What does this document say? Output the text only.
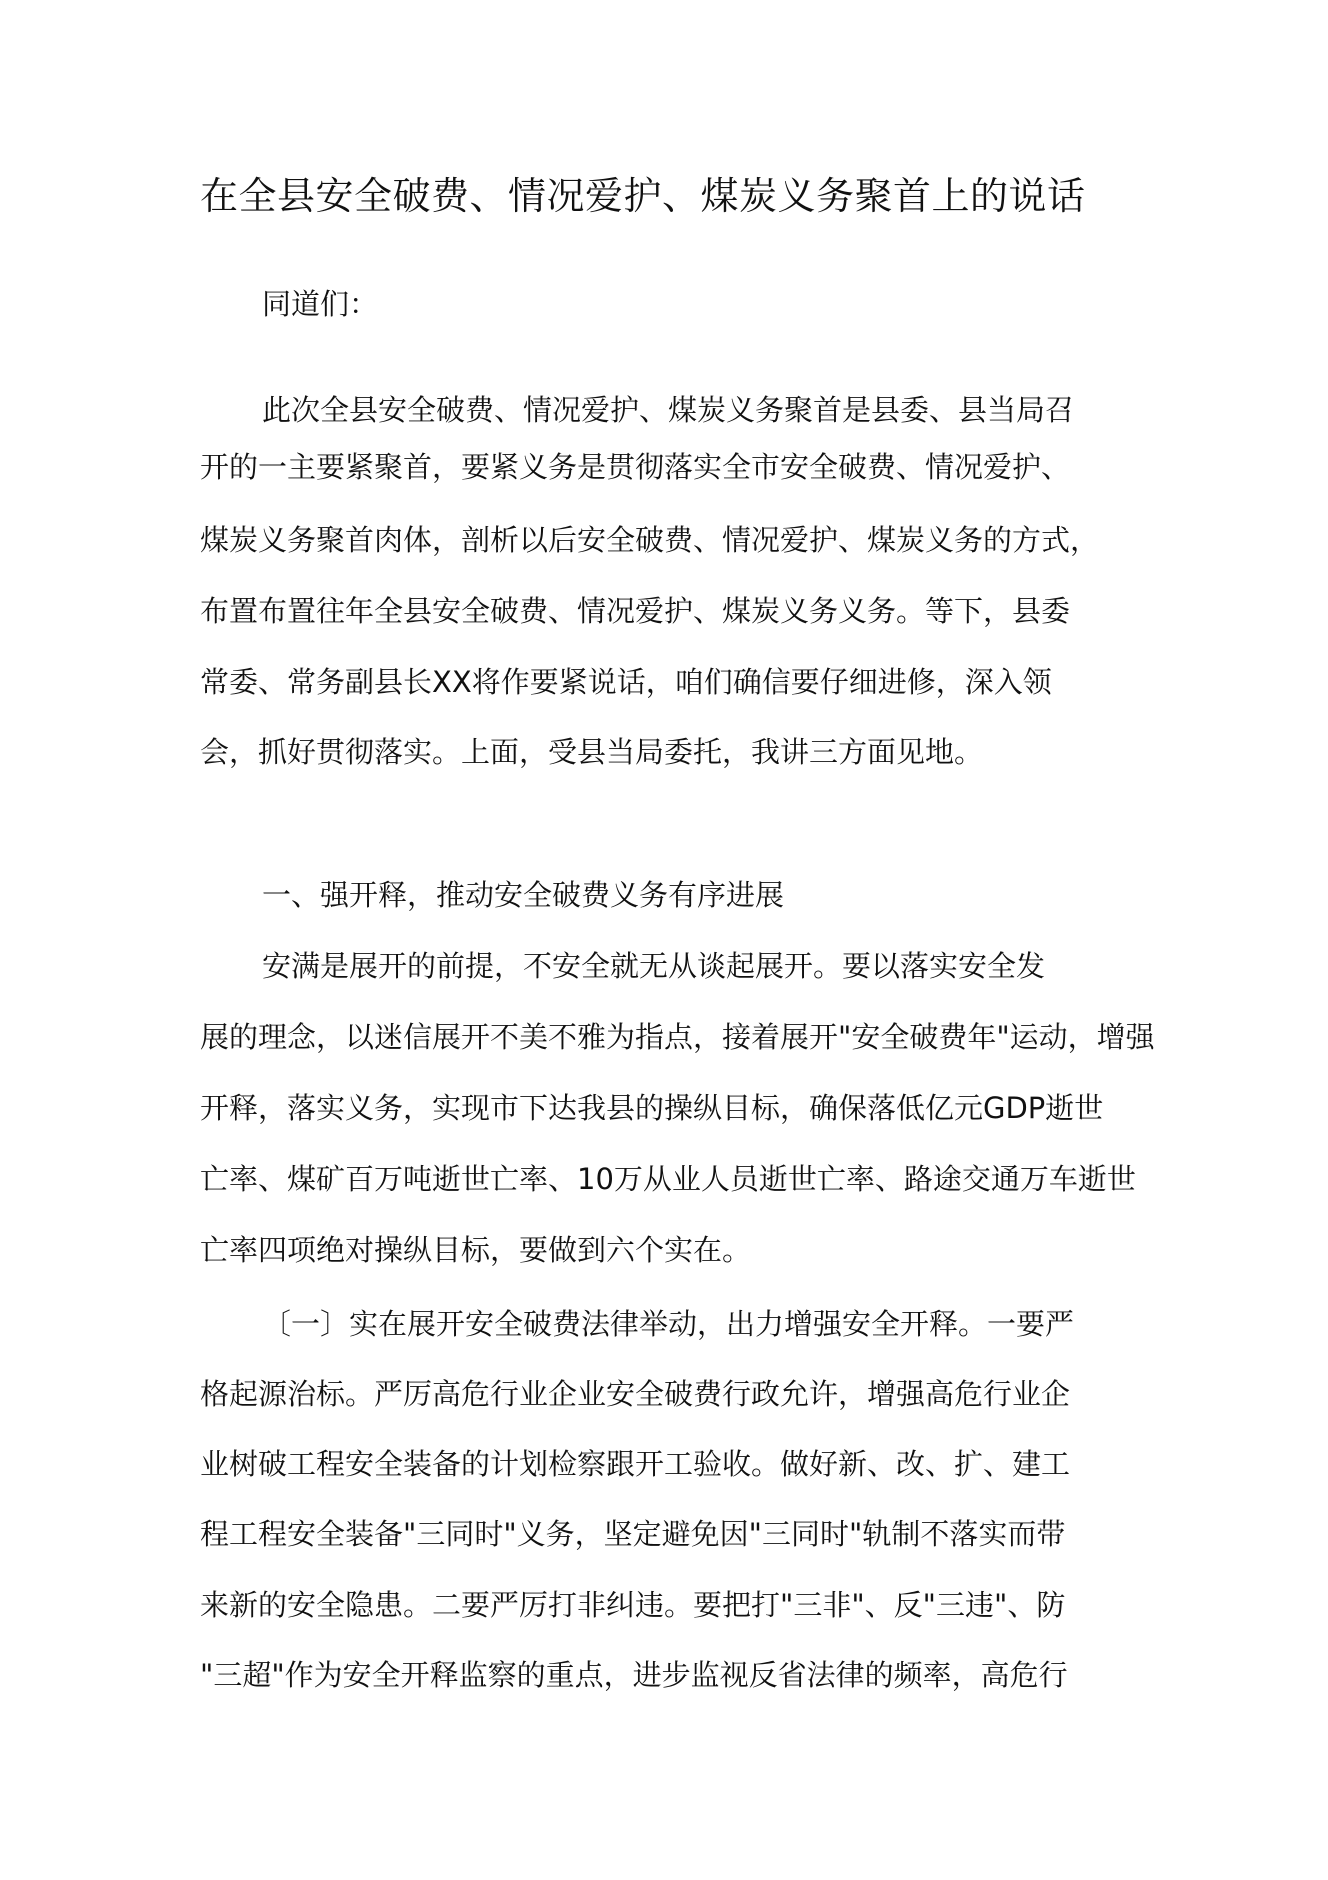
在全县安全破费、情况爱护、煤炭义务聚首上的说话
同道们：
此次全县安全破费、情况爱护、煤炭义务聚首是县委、县当局召
开的一主要紧聚首，要紧义务是贯彻落实全市安全破费、情况爱护、
煤炭义务聚首肉体，剖析以后安全破费、情况爱护、煤炭义务的方式，
布置布置往年全县安全破费、情况爱护、煤炭义务义务。等下，县委
常委、常务副县长XX将作要紧说话，咱们确信要仔细进修，深入领
会，抓好贯彻落实。上面，受县当局委托，我讲三方面见地。
一、强开释，推动安全破费义务有序进展
安满是展开的前提，不安全就无从谈起展开。要以落实安全发
展的理念，以迷信展开不美不雅为指点，接着展开"安全破费年"运动，增强
开释，落实义务，实现市下达我县的操纵目标，确保落低亿元GDP逝世
亡率、煤矿百万吨逝世亡率、10万从业人员逝世亡率、路途交通万车逝世
亡率四项绝对操纵目标，要做到六个实在。
〔一〕实在展开安全破费法律举动，出力增强安全开释。一要严
格起源治标。严厉高危行业企业安全破费行政允许，增强高危行业企
业树破工程安全装备的计划检察跟开工验收。做好新、改、扩、建工
程工程安全装备"三同时"义务，坚定避免因"三同时"轨制不落实而带
来新的安全隐患。二要严厉打非纠违。要把打"三非"、反"三违"、防
"三超"作为安全开释监察的重点，进步监视反省法律的频率，高危行
